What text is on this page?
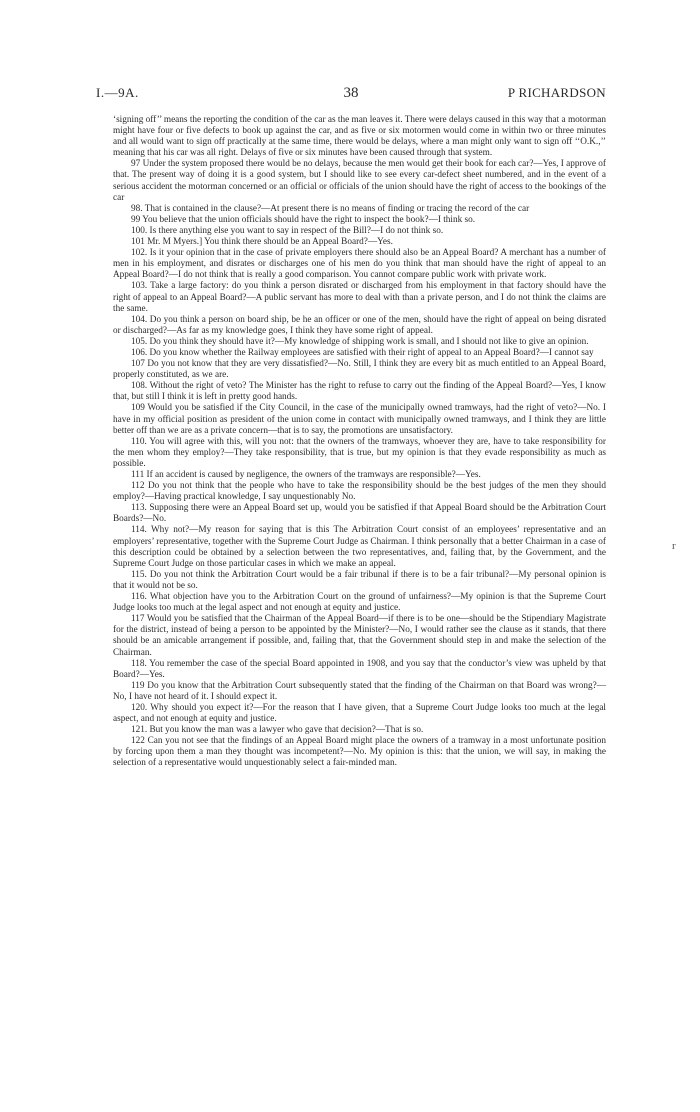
I.—9A.	38	P RICHARDSON

‘signing off’’ means the reporting the condition of the car as the man leaves it. There were delays caused in this way that a motorman might have four or five defects to book up against the car, and as five or six motormen would come in within two or three minutes and all would want to sign off practically at the same time, there would be delays, where a man might only want to sign off ‘‘O.K.,’’ meaning that his car was all right. Delays of five or six minutes have been caused through that system.

97 Under the system proposed there would be no delays, because the men would get their book for each car?—Yes, I approve of that. The present way of doing it is a good system, but I should like to see every car-defect sheet numbered, and in the event of a serious accident the motorman concerned or an official or officials of the union should have the right of access to the bookings of the car

98. That is contained in the clause?—At present there is no means of finding or tracing the record of the car

99 You believe that the union officials should have the right to inspect the book?—I think so.

100. Is there anything else you want to say in respect of the Bill?—I do not think so.

101 Mr. M Myers.] You think there should be an Appeal Board?—Yes.

102. Is it your opinion that in the case of private employers there should also be an Appeal Board? A merchant has a number of men in his employment, and disrates or discharges one of his men do you think that man should have the right of appeal to an Appeal Board?—I do not think that is really a good comparison. You cannot compare public work with private work.

103. Take a large factory: do you think a person disrated or discharged from his employment in that factory should have the right of appeal to an Appeal Board?—A public servant has more to deal with than a private person, and I do not think the claims are the same.

104. Do you think a person on board ship, be he an officer or one of the men, should have the right of appeal on being disrated or discharged?—As far as my knowledge goes, I think they have some right of appeal.

105. Do you think they should have it?—My knowledge of shipping work is small, and I should not like to give an opinion.

106. Do you know whether the Railway employees are satisfied with their right of appeal to an Appeal Board?—I cannot say

107 Do you not know that they are very dissatisfied?—No. Still, I think they are every bit as much entitled to an Appeal Board, properly constituted, as we are.

108. Without the right of veto? The Minister has the right to refuse to carry out the finding of the Appeal Board?—Yes, I know that, but still I think it is left in pretty good hands.

109 Would you be satisfied if the City Council, in the case of the municipally owned tramways, had the right of veto?—No. I have in my official position as president of the union come in contact with municipally owned tramways, and I think they are little better off than we are as a private concern—that is to say, the promotions are unsatisfactory.

110. You will agree with this, will you not: that the owners of the tramways, whoever they are, have to take responsibility for the men whom they employ?—They take responsibility, that is true, but my opinion is that they evade responsibility as much as possible.

111 If an accident is caused by negligence, the owners of the tramways are responsible?—Yes.

112 Do you not think that the people who have to take the responsibility should be the best judges of the men they should employ?—Having practical knowledge, I say unquestionably No.

113. Supposing there were an Appeal Board set up, would you be satisfied if that Appeal Board should be the Arbitration Court Boards?—No.

114. Why not?—My reason for saying that is this The Arbitration Court consist of an employees’ representative and an employers’ representative, together with the Supreme Court Judge as Chairman. I think personally that a better Chairman in a case of this description could be obtained by a selection between the two representatives, and, failing that, by the Government, and the Supreme Court Judge on those particular cases in which we make an appeal.

115. Do you not think the Arbitration Court would be a fair tribunal if there is to be a fair tribunal?—My personal opinion is that it would not be so.

116. What objection have you to the Arbitration Court on the ground of unfairness?—My opinion is that the Supreme Court Judge looks too much at the legal aspect and not enough at equity and justice.

117 Would you be satisfied that the Chairman of the Appeal Board—if there is to be one—should be the Stipendiary Magistrate for the district, instead of being a person to be appointed by the Minister?—No, I would rather see the clause as it stands, that there should be an amicable arrangement if possible, and, failing that, that the Government should step in and make the selection of the Chairman.

118. You remember the case of the special Board appointed in 1908, and you say that the conductor’s view was upheld by that Board?—Yes.

119 Do you know that the Arbitration Court subsequently stated that the finding of the Chairman on that Board was wrong?—No, I have not heard of it. I should expect it.

120. Why should you expect it?—For the reason that I have given, that a Supreme Court Judge looks too much at the legal aspect, and not enough at equity and justice.

121. But you know the man was a lawyer who gave that decision?—That is so.

122 Can you not see that the findings of an Appeal Board might place the owners of a tramway in a most unfortunate position by forcing upon them a man they thought was incompetent?—No. My opinion is this: that the union, we will say, in making the selection of a representative would unquestionably select a fair-minded man.

r
